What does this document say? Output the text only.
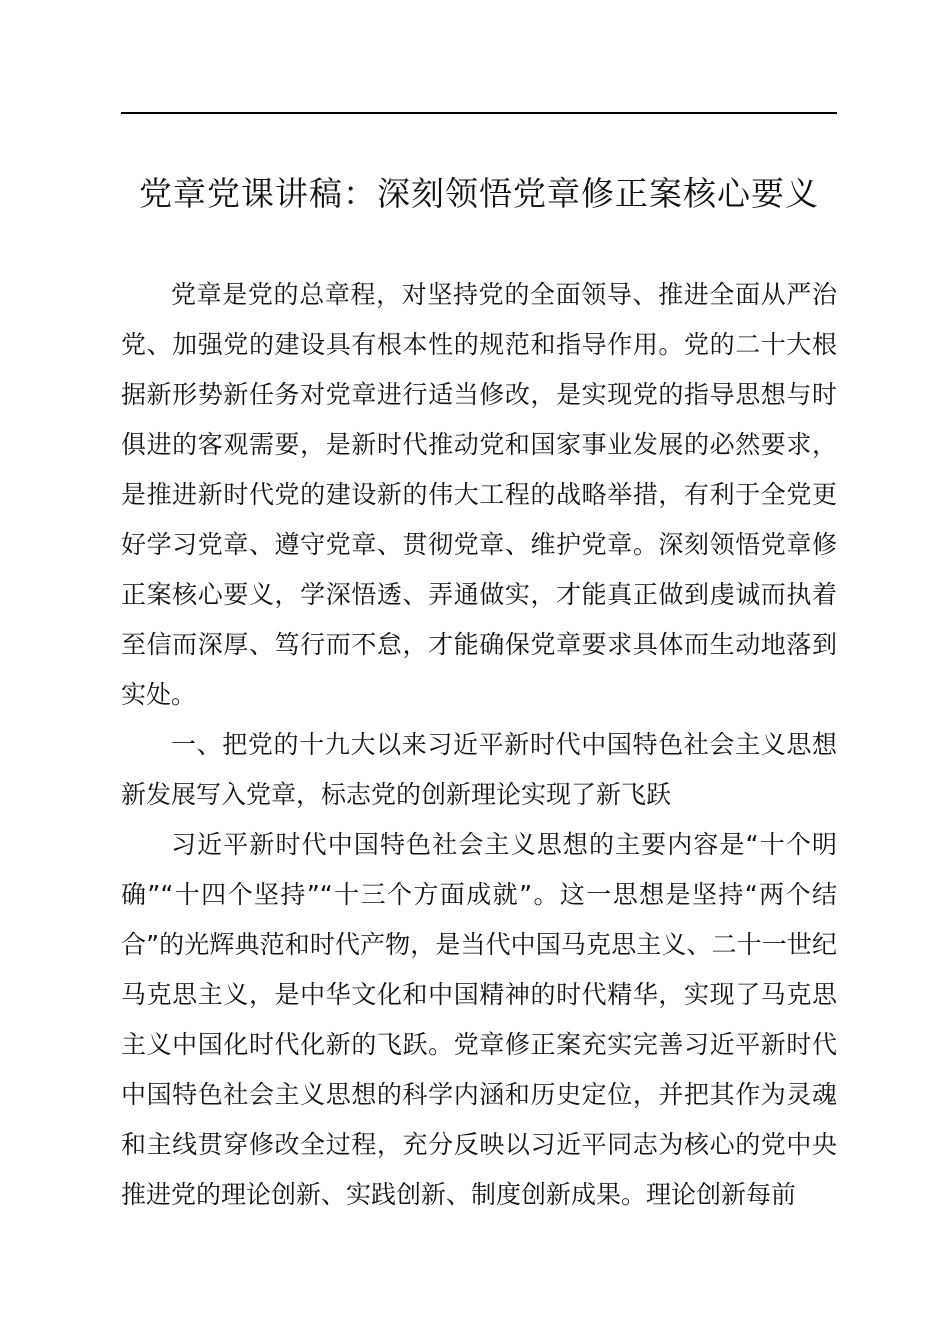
党章党课讲稿：深刻领悟党章修正案核心要义

党章是党的总章程，对坚持党的全面领导、推进全面从严治党、加强党的建设具有根本性的规范和指导作用。党的二十大根据新形势新任务对党章进行适当修改，是实现党的指导思想与时俱进的客观需要，是新时代推动党和国家事业发展的必然要求，是推进新时代党的建设新的伟大工程的战略举措，有利于全党更好学习党章、遵守党章、贯彻党章、维护党章。深刻领悟党章修正案核心要义，学深悟透、弄通做实，才能真正做到虔诚而执着至信而深厚、笃行而不怠，才能确保党章要求具体而生动地落到实处。

一、把党的十九大以来习近平新时代中国特色社会主义思想新发展写入党章，标志党的创新理论实现了新飞跃

习近平新时代中国特色社会主义思想的主要内容是“十个明确”“十四个坚持”“十三个方面成就”。这一思想是坚持“两个结合”的光辉典范和时代产物，是当代中国马克思主义、二十一世纪马克思主义，是中华文化和中国精神的时代精华，实现了马克思主义中国化时代化新的飞跃。党章修正案充实完善习近平新时代中国特色社会主义思想的科学内涵和历史定位，并把其作为灵魂和主线贯穿修改全过程，充分反映以习近平同志为核心的党中央推进党的理论创新、实践创新、制度创新成果。理论创新每前
